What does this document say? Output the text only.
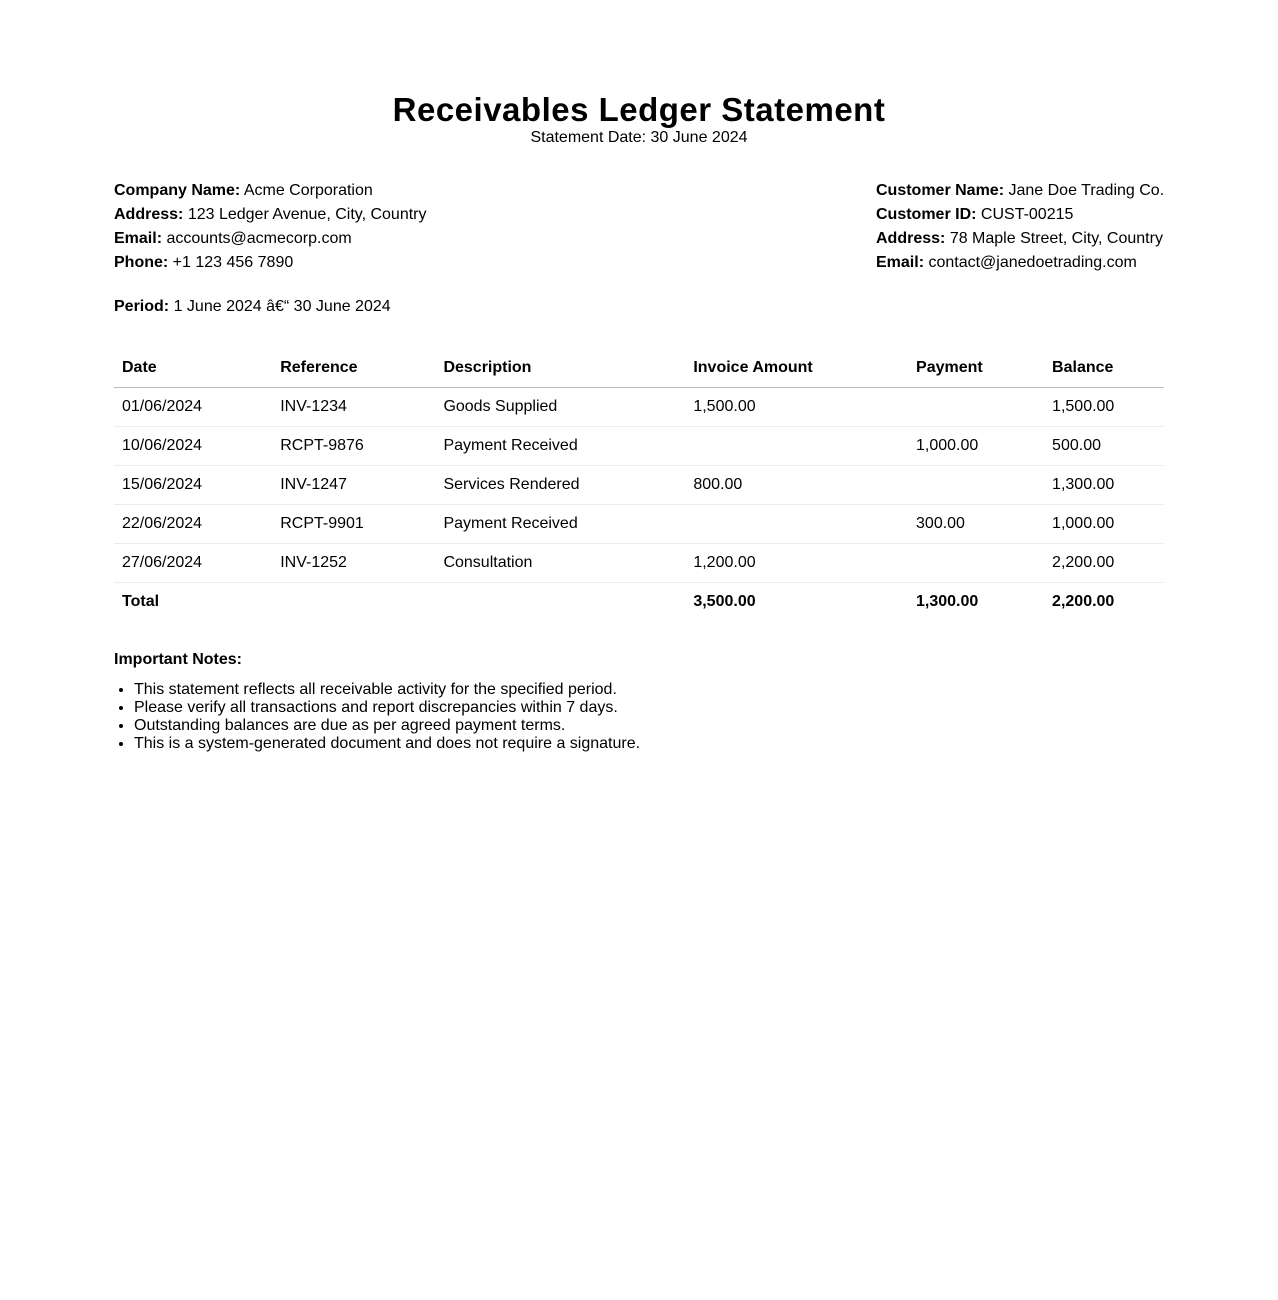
Receivables Ledger Statement
Statement Date: 30 June 2024
Company Name: Acme Corporation
Address: 123 Ledger Avenue, City, Country
Email: accounts@acmecorp.com
Phone: +1 123 456 7890
Customer Name: Jane Doe Trading Co.
Customer ID: CUST-00215
Address: 78 Maple Street, City, Country
Email: contact@janedoetrading.com
Period: 1 June 2024 â€“ 30 June 2024
Date	Reference	Description	Invoice Amount	Payment	Balance
01/06/2024	INV-1234	Goods Supplied	1,500.00		1,500.00
10/06/2024	RCPT-9876	Payment Received		1,000.00	500.00
15/06/2024	INV-1247	Services Rendered	800.00		1,300.00
22/06/2024	RCPT-9901	Payment Received		300.00	1,000.00
27/06/2024	INV-1252	Consultation	1,200.00		2,200.00
Total			3,500.00	1,300.00	2,200.00
Important Notes:
• This statement reflects all receivable activity for the specified period.
• Please verify all transactions and report discrepancies within 7 days.
• Outstanding balances are due as per agreed payment terms.
• This is a system-generated document and does not require a signature.
